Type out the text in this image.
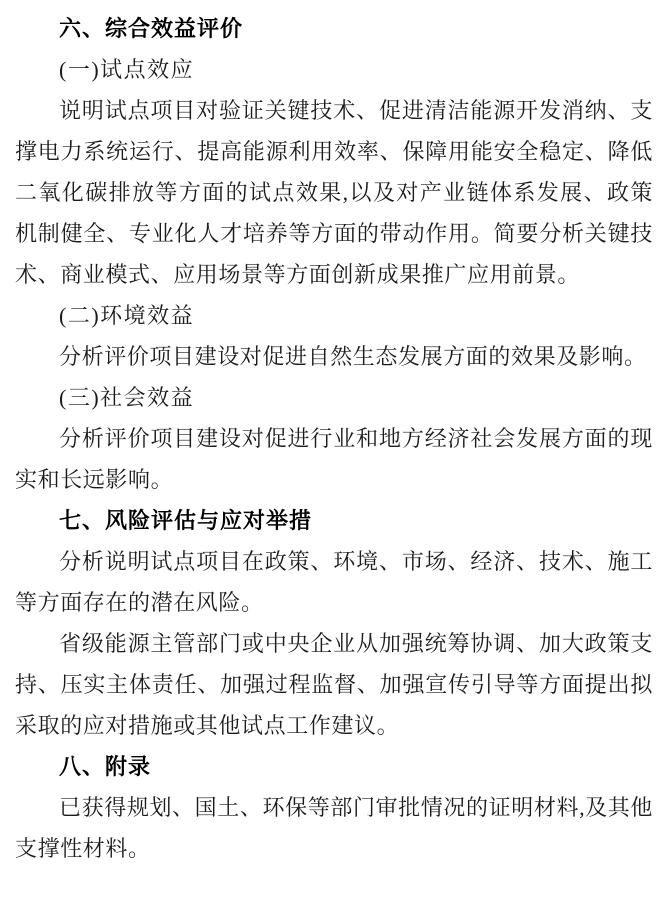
六、综合效益评价

(一)试点效应

说明试点项目对验证关键技术、促进清洁能源开发消纳、支撑电力系统运行、提高能源利用效率、保障用能安全稳定、降低二氧化碳排放等方面的试点效果,以及对产业链体系发展、政策机制健全、专业化人才培养等方面的带动作用。简要分析关键技术、商业模式、应用场景等方面创新成果推广应用前景。

(二)环境效益

分析评价项目建设对促进自然生态发展方面的效果及影响。

(三)社会效益

分析评价项目建设对促进行业和地方经济社会发展方面的现实和长远影响。

七、风险评估与应对举措

分析说明试点项目在政策、环境、市场、经济、技术、施工等方面存在的潜在风险。

省级能源主管部门或中央企业从加强统筹协调、加大政策支持、压实主体责任、加强过程监督、加强宣传引导等方面提出拟采取的应对措施或其他试点工作建议。

八、附录

已获得规划、国土、环保等部门审批情况的证明材料,及其他支撑性材料。
